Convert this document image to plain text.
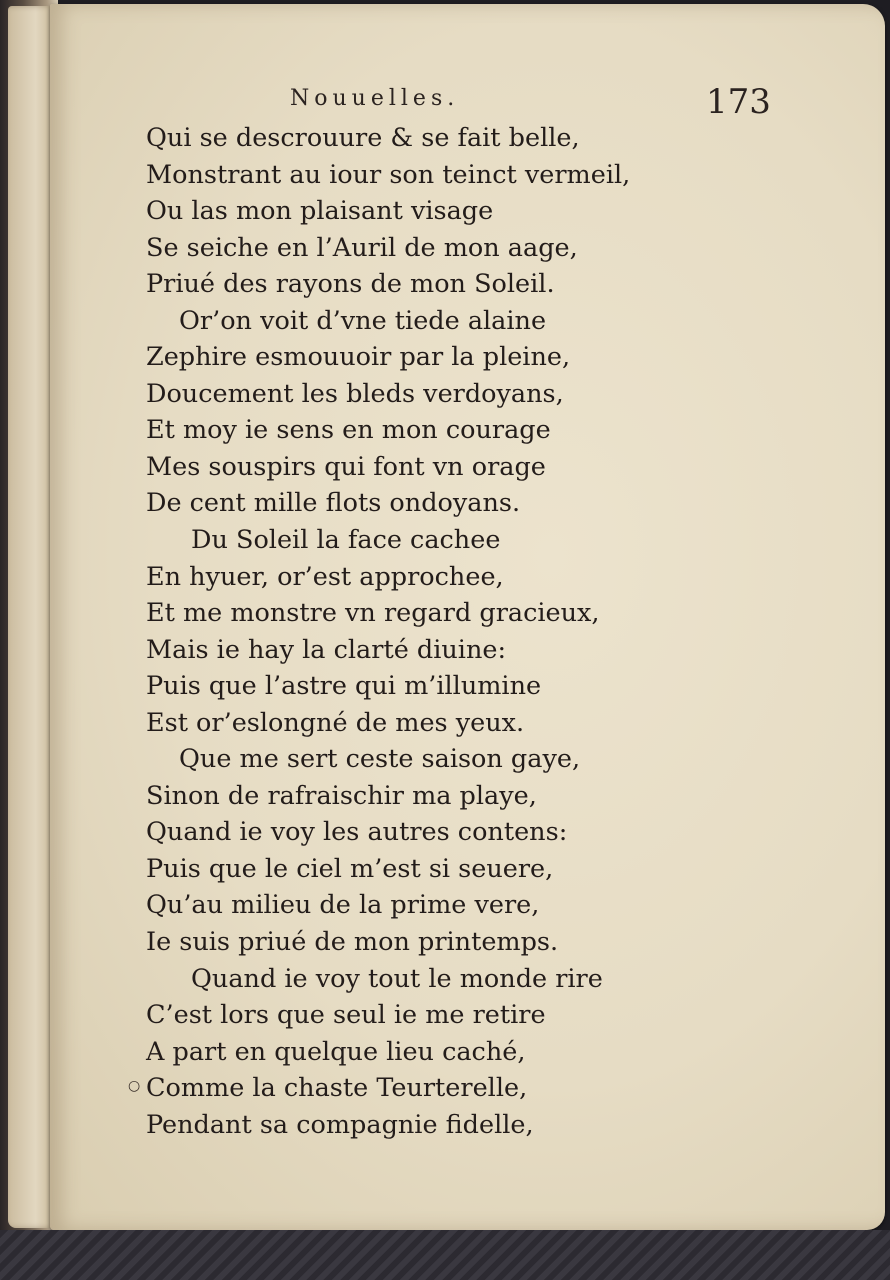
Nouuelles.	173
○
Qui se descrouure & se fait belle,
Monstrant au iour son teinct vermeil,
Ou las mon plaisant visage
Se seiche en l’Auril de mon aage,
Priué des rayons de mon Soleil.
Or’on voit d’vne tiede alaine
Zephire esmouuoir par la pleine,
Doucement les bleds verdoyans,
Et moy ie sens en mon courage
Mes souspirs qui font vn orage
De cent mille flots ondoyans.
Du Soleil la face cachee
En hyuer, or’est approchee,
Et me monstre vn regard gracieux,
Mais ie hay la clarté diuine:
Puis que l’astre qui m’illumine
Est or’eslongné de mes yeux.
Que me sert ceste saison gaye,
Sinon de rafraischir ma playe,
Quand ie voy les autres contens:
Puis que le ciel m’est si seuere,
Qu’au milieu de la prime vere,
Ie suis priué de mon printemps.
Quand ie voy tout le monde rire
C’est lors que seul ie me retire
A part en quelque lieu caché,
Comme la chaste Teurterelle,
Pendant sa compagnie fidelle,
